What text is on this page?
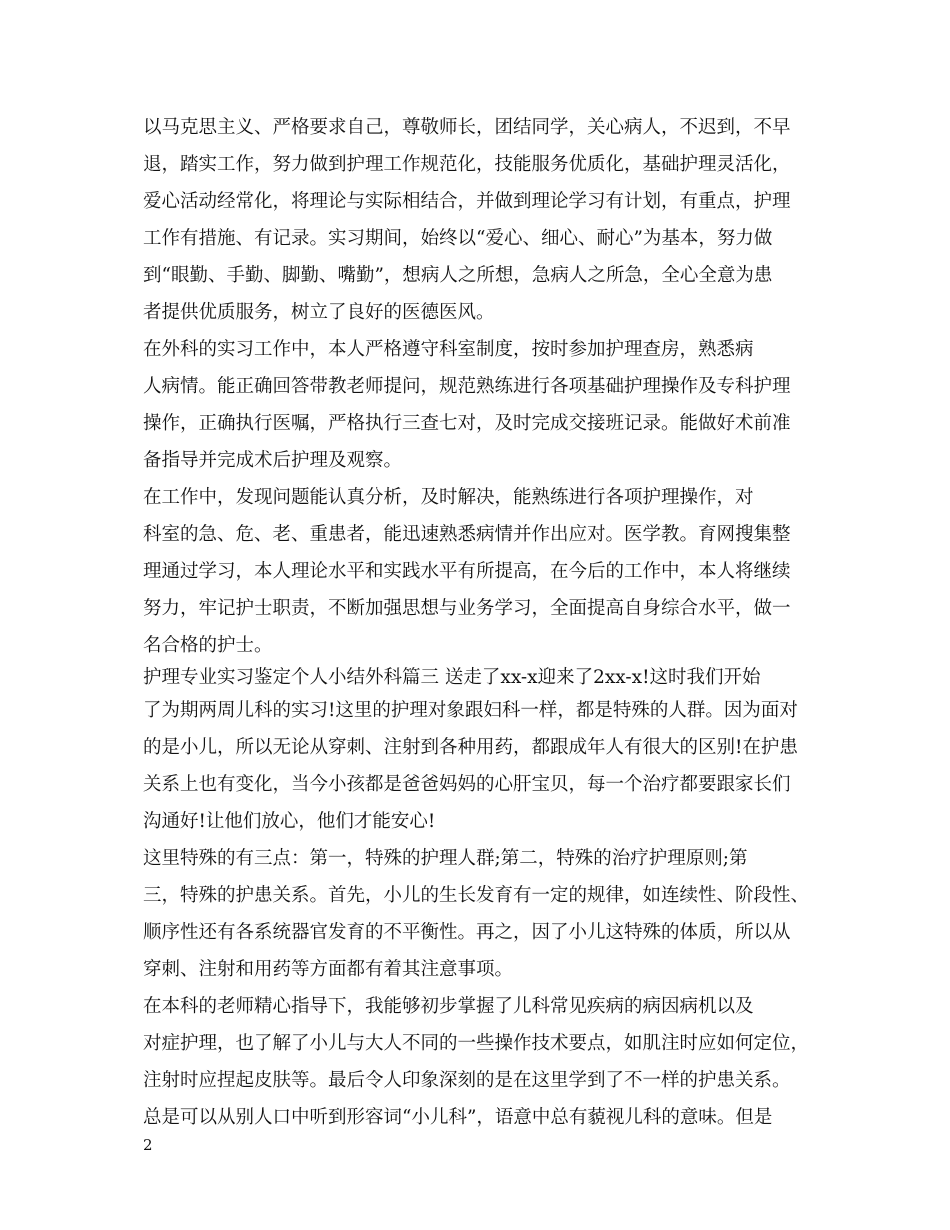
以马克思主义、严格要求自己，尊敬师长，团结同学，关心病人，不迟到，不早
退，踏实工作，努力做到护理工作规范化，技能服务优质化，基础护理灵活化，
爱心活动经常化，将理论与实际相结合，并做到理论学习有计划，有重点，护理
工作有措施、有记录。实习期间，始终以“爱心、细心、耐心”为基本，努力做
到“眼勤、手勤、脚勤、嘴勤”，想病人之所想，急病人之所急，全心全意为患
者提供优质服务，树立了良好的医德医风。
在外科的实习工作中，本人严格遵守科室制度，按时参加护理查房，熟悉病
人病情。能正确回答带教老师提问，规范熟练进行各项基础护理操作及专科护理
操作，正确执行医嘱，严格执行三查七对，及时完成交接班记录。能做好术前准
备指导并完成术后护理及观察。
在工作中，发现问题能认真分析，及时解决，能熟练进行各项护理操作，对
科室的急、危、老、重患者，能迅速熟悉病情并作出应对。医学教。育网搜集整
理通过学习，本人理论水平和实践水平有所提高，在今后的工作中，本人将继续
努力，牢记护士职责，不断加强思想与业务学习，全面提高自身综合水平，做一
名合格的护士。
护理专业实习鉴定个人小结外科篇三 送走了xx-x迎来了2xx-x!这时我们开始
了为期两周儿科的实习!这里的护理对象跟妇科一样，都是特殊的人群。因为面对
的是小儿，所以无论从穿刺、注射到各种用药，都跟成年人有很大的区别!在护患
关系上也有变化，当今小孩都是爸爸妈妈的心肝宝贝，每一个治疗都要跟家长们
沟通好!让他们放心，他们才能安心!
这里特殊的有三点：第一，特殊的护理人群;第二，特殊的治疗护理原则;第
三，特殊的护患关系。首先，小儿的生长发育有一定的规律，如连续性、阶段性、
顺序性还有各系统器官发育的不平衡性。再之，因了小儿这特殊的体质，所以从
穿刺、注射和用药等方面都有着其注意事项。
在本科的老师精心指导下，我能够初步掌握了儿科常见疾病的病因病机以及
对症护理，也了解了小儿与大人不同的一些操作技术要点，如肌注时应如何定位，
注射时应捏起皮肤等。最后令人印象深刻的是在这里学到了不一样的护患关系。
总是可以从别人口中听到形容词“小儿科”，语意中总有藐视儿科的意味。但是
2
